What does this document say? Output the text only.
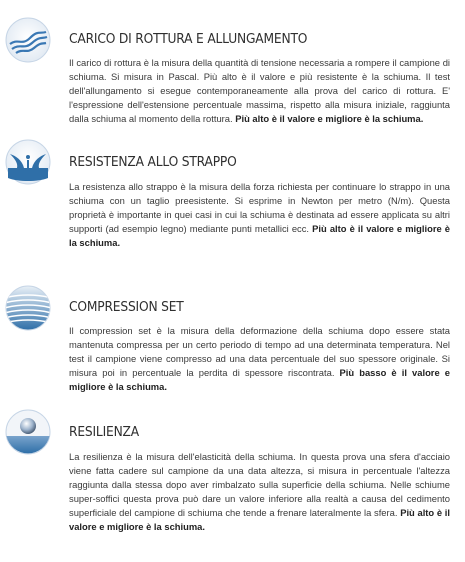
CARICO DI ROTTURA E ALLUNGAMENTO

Il carico di rottura è la misura della quantità di tensione necessaria a rompere il campione di schiuma. Si misura in Pascal. Più alto è il valore e più resistente è la schiuma. Il test dell'allungamento si esegue contemporaneamente alla prova del carico di rottura. E' l'espressione dell'estensione percentuale massima, rispetto alla misura iniziale, raggiunta dalla schiuma al momento della rottura. Più alto è il valore e migliore è la schiuma.

RESISTENZA ALLO STRAPPO

La resistenza allo strappo è la misura della forza richiesta per continuare lo strappo in una schiuma con un taglio preesistente. Si esprime in Newton per metro (N/m). Questa proprietà è importante in quei casi in cui la schiuma è destinata ad essere applicata su altri supporti (ad esempio legno) mediante punti metallici ecc. Più alto è il valore e migliore è la schiuma.

COMPRESSION SET

Il compression set è la misura della deformazione della schiuma dopo essere stata mantenuta compressa per un certo periodo di tempo ad una determinata temperatura. Nel test il campione viene compresso ad una data percentuale del suo spessore originale. Si misura poi in percentuale la perdita di spessore riscontrata. Più basso è il valore e migliore è la schiuma.

RESILIENZA

La resilienza è la misura dell'elasticità della schiuma. In questa prova una sfera d'acciaio viene fatta cadere sul campione da una data altezza, si misura in percentuale l'altezza raggiunta dalla stessa dopo aver rimbalzato sulla superficie della schiuma. Nelle schiume super-soffici questa prova può dare un valore inferiore alla realtà a causa del cedimento superficiale del campione di schiuma che tende a frenare lateralmente la sfera. Più alto è il valore e migliore è la schiuma.
